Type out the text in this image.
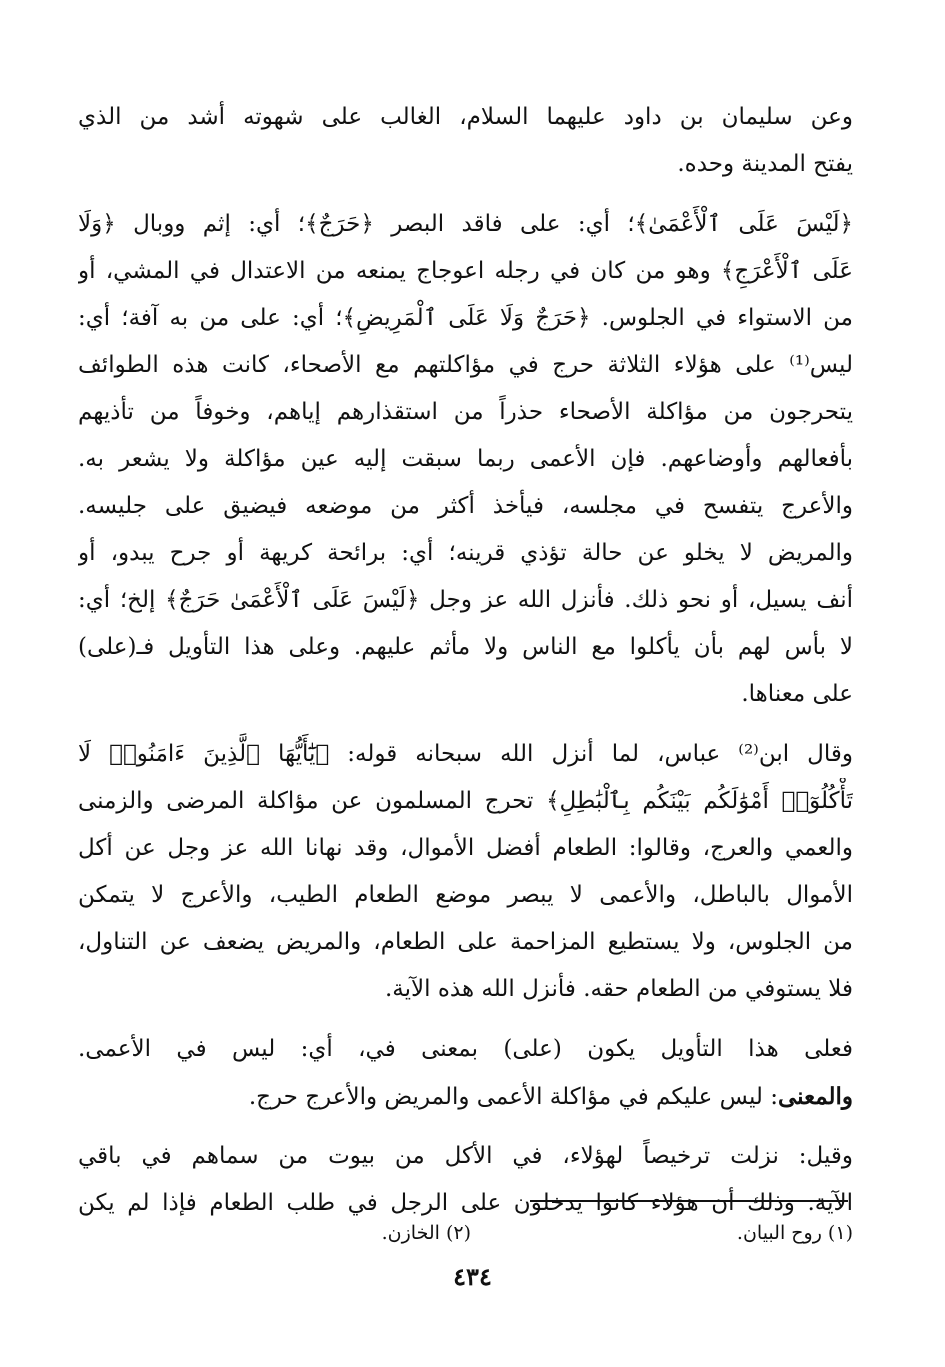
وعن سليمان بن داود عليهما السلام، الغالب على شهوته أشد من الذي
يفتح المدينة وحده.
﴿لَيْسَ عَلَى ٱلْأَعْمَىٰ﴾؛ أي: على فاقد البصر ﴿حَرَجٌ﴾؛ أي: إثم ووبال ﴿وَلَا
عَلَى ٱلْأَعْرَجِ﴾ وهو من كان في رجله اعوجاج يمنعه من الاعتدال في المشي، أو
من الاستواء في الجلوس. ﴿حَرَجٌ وَلَا عَلَى ٱلْمَرِيضِ﴾؛ أي: على من به آفة؛ أي:
ليس⁽¹⁾ على هؤلاء الثلاثة حرج في مؤاكلتهم مع الأصحاء، كانت هذه الطوائف
يتحرجون من مؤاكلة الأصحاء حذراً من استقذارهم إياهم، وخوفاً من تأذيهم
بأفعالهم وأوضاعهم. فإن الأعمى ربما سبقت إليه عين مؤاكلة ولا يشعر به.
والأعرج يتفسح في مجلسه، فيأخذ أكثر من موضعه فيضيق على جليسه.
والمريض لا يخلو عن حالة تؤذي قرينه؛ أي: برائحة كريهة أو جرح يبدو، أو
أنف يسيل، أو نحو ذلك. فأنزل الله عز وجل ﴿لَيْسَ عَلَى ٱلْأَعْمَىٰ حَرَجٌ﴾ إلخ؛ أي:
لا بأس لهم بأن يأكلوا مع الناس ولا مأثم عليهم. وعلى هذا التأويل فـ(على)
على معناها.
وقال ابن⁽²⁾ عباس، لما أنزل الله سبحانه قوله: ﴿يَٰٓأَيُّهَا ٱلَّذِينَ ءَامَنُوا۟ لَا
تَأْكُلُوٓا۟ أَمْوَٰلَكُم بَيْنَكُم بِٱلْبَٰطِلِ﴾ تحرج المسلمون عن مؤاكلة المرضى والزمنى
والعمي والعرج، وقالوا: الطعام أفضل الأموال، وقد نهانا الله عز وجل عن أكل
الأموال بالباطل، والأعمى لا يبصر موضع الطعام الطيب، والأعرج لا يتمكن
من الجلوس، ولا يستطيع المزاحمة على الطعام، والمريض يضعف عن التناول،
فلا يستوفي من الطعام حقه. فأنزل الله هذه الآية.
فعلى هذا التأويل يكون (على) بمعنى في، أي: ليس في الأعمى.
والمعنى: ليس عليكم في مؤاكلة الأعمى والمريض والأعرج حرج.
وقيل: نزلت ترخيصاً لهؤلاء، في الأكل من بيوت من سماهم في باقي
الآية. وذلك أن هؤلاء كانوا يدخلون على الرجل في طلب الطعام فإذا لم يكن
(١) روح البيان.
(٢) الخازن.
٤٣٤
